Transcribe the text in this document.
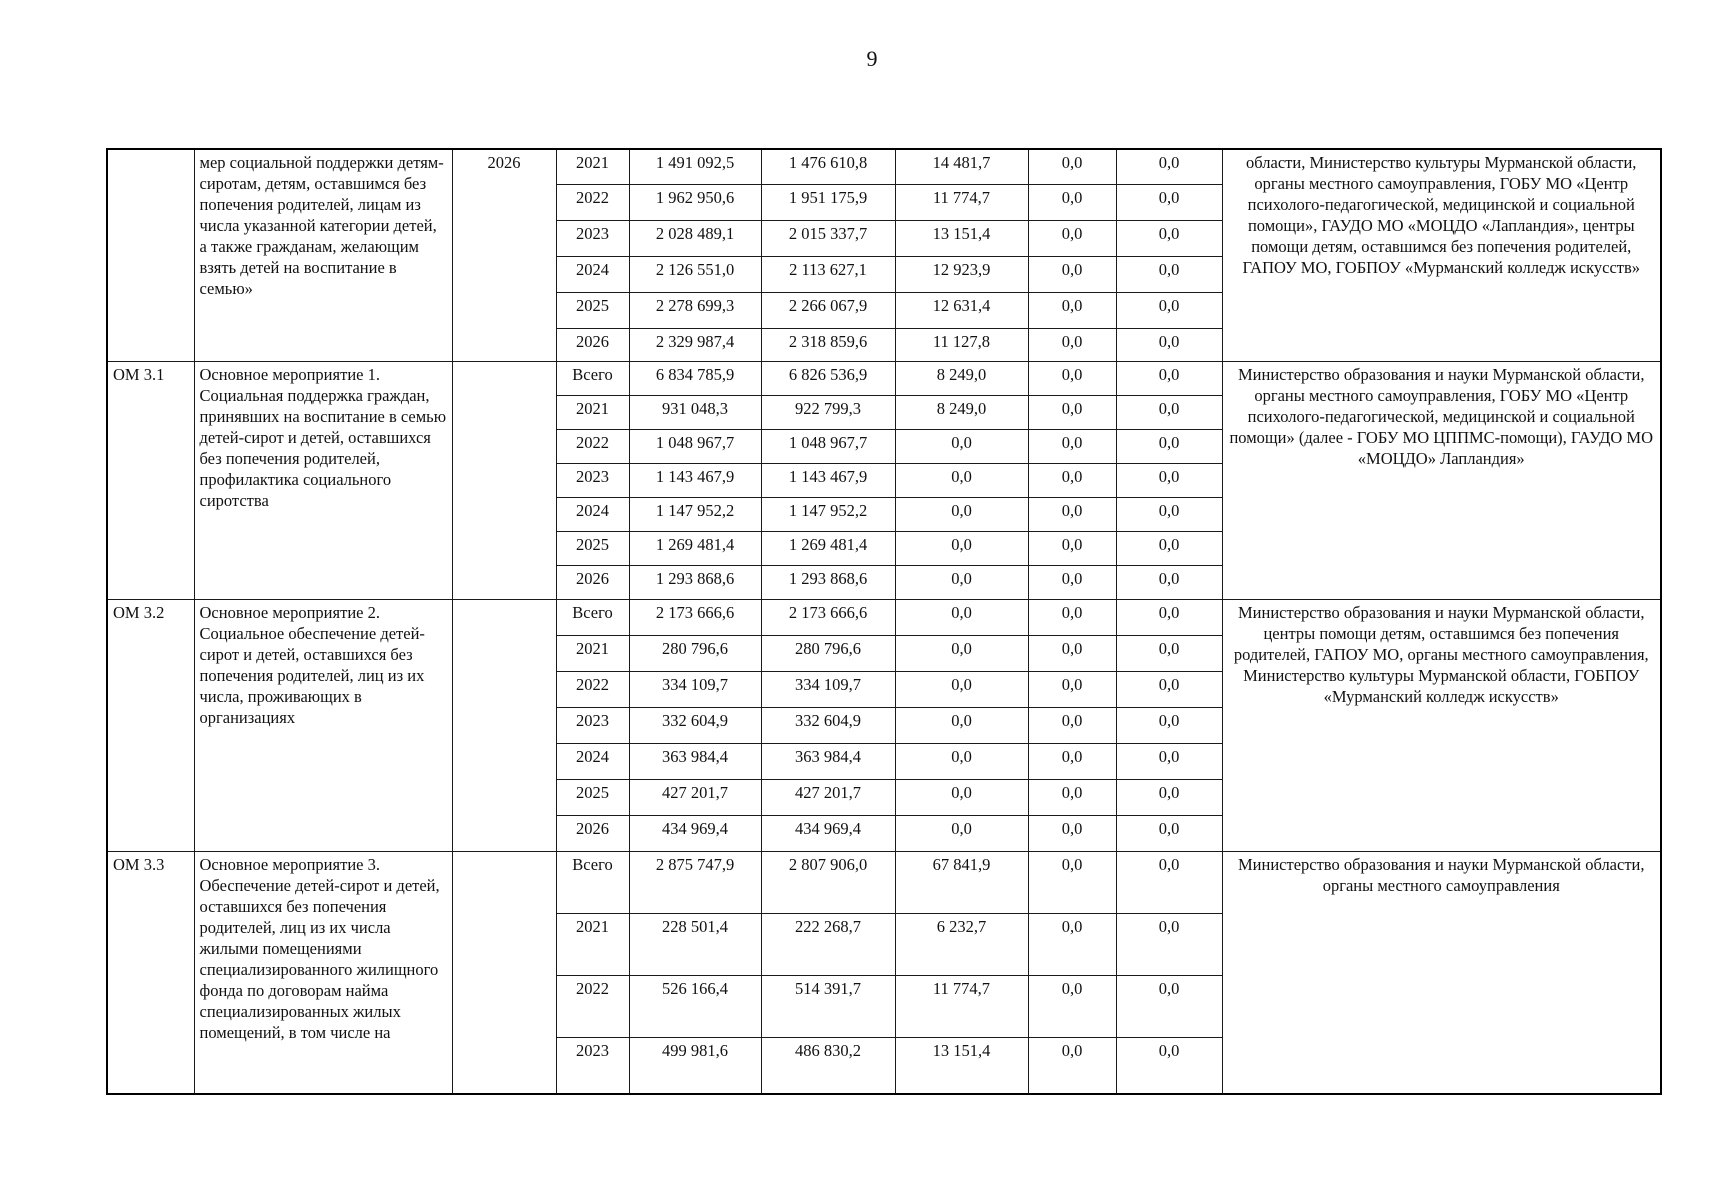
9
	мер социальной поддержки детям-сиротам, детям, оставшимся без попечения родителей, лицам из числа указанной категории детей, а также гражданам, желающим взять детей на воспитание в семью»	2026	2021	1 491 092,5	1 476 610,8	14 481,7	0,0	0,0	области, Министерство культуры Мурманской области, органы местного самоуправления, ГОБУ МО «Центр психолого-педагогической, медицинской и социальной помощи», ГАУДО МО «МОЦДО «Лапландия», центры помощи детям, оставшимся без попечения родителей, ГАПОУ МО, ГОБПОУ «Мурманский колледж искусств»
			2022	1 962 950,6	1 951 175,9	11 774,7	0,0	0,0	
			2023	2 028 489,1	2 015 337,7	13 151,4	0,0	0,0	
			2024	2 126 551,0	2 113 627,1	12 923,9	0,0	0,0	
			2025	2 278 699,3	2 266 067,9	12 631,4	0,0	0,0	
			2026	2 329 987,4	2 318 859,6	11 127,8	0,0	0,0	
ОМ 3.1	Основное мероприятие 1. Социальная поддержка граждан, принявших на воспитание в семью детей-сирот и детей, оставшихся без попечения родителей, профилактика социального сиротства		Всего	6 834 785,9	6 826 536,9	8 249,0	0,0	0,0	Министерство образования и науки Мурманской области, органы местного самоуправления, ГОБУ МО «Центр психолого-педагогической, медицинской и социальной помощи» (далее - ГОБУ МО ЦППМС-помощи), ГАУДО МО «МОЦДО» Лапландия»
			2021	931 048,3	922 799,3	8 249,0	0,0	0,0	
			2022	1 048 967,7	1 048 967,7	0,0	0,0	0,0	
			2023	1 143 467,9	1 143 467,9	0,0	0,0	0,0	
			2024	1 147 952,2	1 147 952,2	0,0	0,0	0,0	
			2025	1 269 481,4	1 269 481,4	0,0	0,0	0,0	
			2026	1 293 868,6	1 293 868,6	0,0	0,0	0,0	
ОМ 3.2	Основное мероприятие 2. Социальное обеспечение детей-сирот и детей, оставшихся без попечения родителей, лиц из их числа, проживающих в организациях		Всего	2 173 666,6	2 173 666,6	0,0	0,0	0,0	Министерство образования и науки Мурманской области, центры помощи детям, оставшимся без попечения родителей, ГАПОУ МО, органы местного самоуправления, Министерство культуры Мурманской области, ГОБПОУ «Мурманский колледж искусств»
			2021	280 796,6	280 796,6	0,0	0,0	0,0	
			2022	334 109,7	334 109,7	0,0	0,0	0,0	
			2023	332 604,9	332 604,9	0,0	0,0	0,0	
			2024	363 984,4	363 984,4	0,0	0,0	0,0	
			2025	427 201,7	427 201,7	0,0	0,0	0,0	
			2026	434 969,4	434 969,4	0,0	0,0	0,0	
ОМ 3.3	Основное мероприятие 3. Обеспечение детей-сирот и детей, оставшихся без попечения родителей, лиц из их числа жилыми помещениями специализированного жилищного фонда по договорам найма специализированных жилых помещений, в том числе на		Всего	2 875 747,9	2 807 906,0	67 841,9	0,0	0,0	Министерство образования и науки Мурманской области, органы местного самоуправления
			2021	228 501,4	222 268,7	6 232,7	0,0	0,0	
			2022	526 166,4	514 391,7	11 774,7	0,0	0,0	
			2023	499 981,6	486 830,2	13 151,4	0,0	0,0	
